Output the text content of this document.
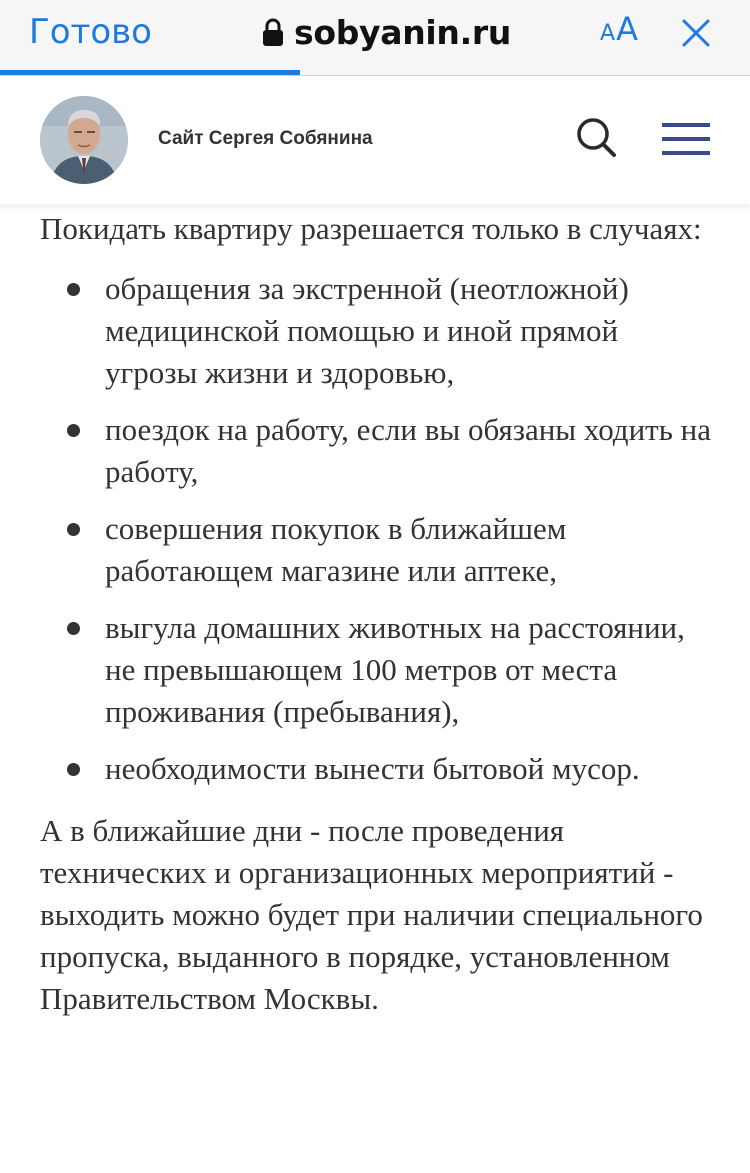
Готово	sobyanin.ru	A A
Сайт Сергея Собянина

Покидать квартиру разрешается только в случаях:

обращения за экстренной (неотложной) медицинской помощью и иной прямой угрозы жизни и здоровью,
поездок на работу, если вы обязаны ходить на работу,
совершения покупок в ближайшем работающем магазине или аптеке,
выгула домашних животных на расстоянии, не превышающем 100 метров от места проживания (пребывания),
необходимости вынести бытовой мусор.

А в ближайшие дни - после проведения технических и организационных мероприятий - выходить можно будет при наличии специального пропуска, выданного в порядке, установленном Правительством Москвы.
